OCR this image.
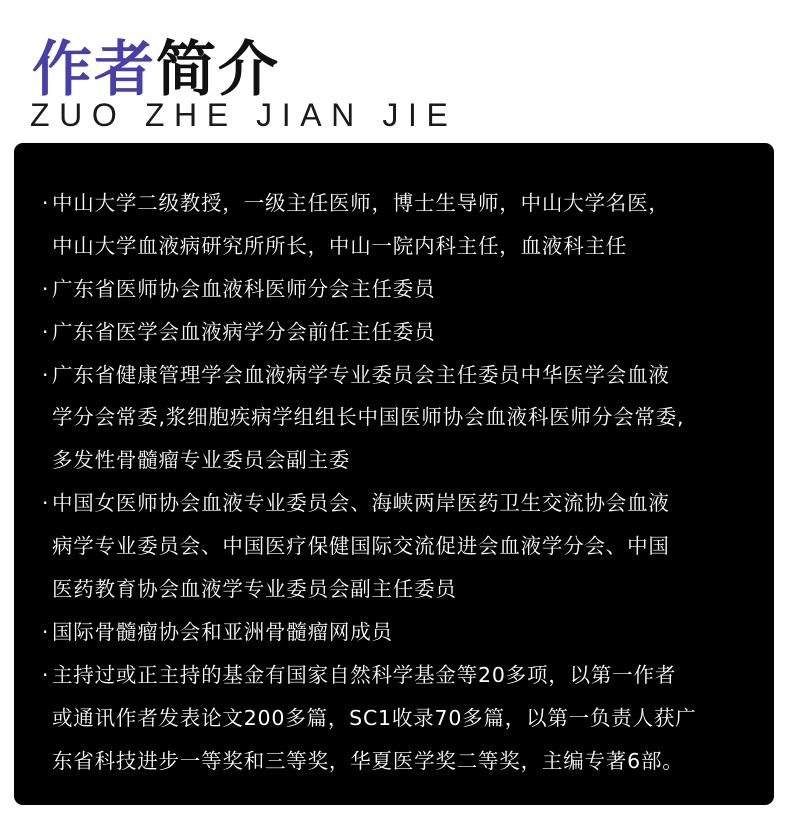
作者 简介
ZUO ZHE JIAN JIE
· 中山大学二级教授，一级主任医师，博士生导师，中山大学名医，
中山大学血液病研究所所长，中山一院内科主任，血液科主任
· 广东省医师协会血液科医师分会主任委员
· 广东省医学会血液病学分会前任主任委员
· 广东省健康管理学会血液病学专业委员会主任委员中华医学会血液
学分会常委,浆细胞疾病学组组长中国医师协会血液科医师分会常委,
多发性骨髓瘤专业委员会副主委
· 中国女医师协会血液专业委员会、海峡两岸医药卫生交流协会血液
病学专业委员会、中国医疗保健国际交流促进会血液学分会、中国
医药教育协会血液学专业委员会副主任委员
· 国际骨髓瘤协会和亚洲骨髓瘤网成员
· 主持过或正主持的基金有国家自然科学基金等20多项，以第一作者
或通讯作者发表论文200多篇，SC1收录70多篇，以第一负责人获广
东省科技进步一等奖和三等奖，华夏医学奖二等奖，主编专著6部。
